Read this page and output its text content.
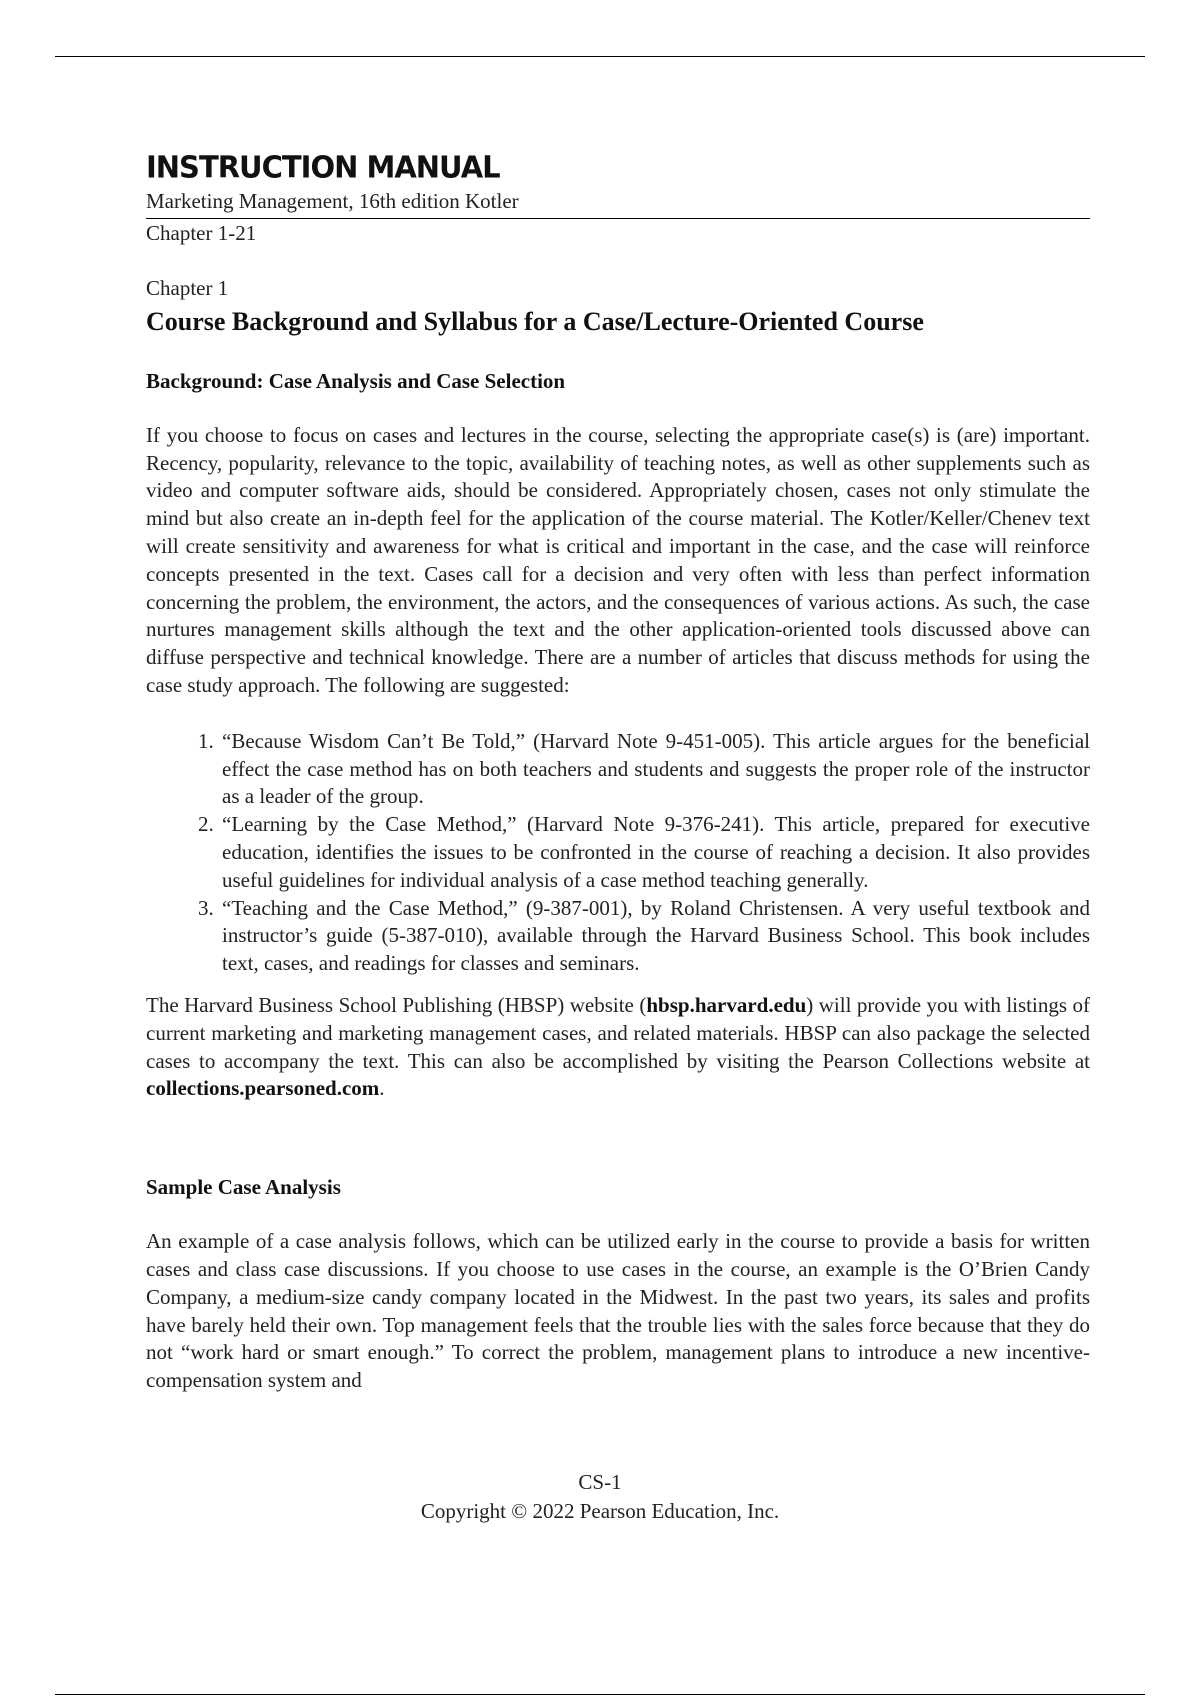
INSTRUCTION MANUAL
Marketing Management, 16th edition Kotler
Chapter 1-21
Chapter 1
Course Background and Syllabus for a Case/Lecture-Oriented Course
Background: Case Analysis and Case Selection

If you choose to focus on cases and lectures in the course, selecting the appropriate case(s) is (are) important. Recency, popularity, relevance to the topic, availability of teaching notes, as well as other supplements such as video and computer software aids, should be considered. Appropriately chosen, cases not only stimulate the mind but also create an in-depth feel for the application of the course material. The Kotler/Keller/Chenev text will create sensitivity and awareness for what is critical and important in the case, and the case will reinforce concepts presented in the text. Cases call for a decision and very often with less than perfect information concerning the problem, the environment, the actors, and the consequences of various actions. As such, the case nurtures management skills although the text and the other application-oriented tools discussed above can diffuse perspective and technical knowledge. There are a number of articles that discuss methods for using the case study approach. The following are suggested:

1. “Because Wisdom Can’t Be Told,” (Harvard Note 9-451-005). This article argues for the beneficial effect the case method has on both teachers and students and suggests the proper role of the instructor as a leader of the group.
2. “Learning by the Case Method,” (Harvard Note 9-376-241). This article, prepared for executive education, identifies the issues to be confronted in the course of reaching a decision. It also provides useful guidelines for individual analysis of a case method teaching generally.
3. “Teaching and the Case Method,” (9-387-001), by Roland Christensen. A very useful textbook and instructor’s guide (5-387-010), available through the Harvard Business School. This book includes text, cases, and readings for classes and seminars.

The Harvard Business School Publishing (HBSP) website (hbsp.harvard.edu) will provide you with listings of current marketing and marketing management cases, and related materials. HBSP can also package the selected cases to accompany the text. This can also be accomplished by visiting the Pearson Collections website at collections.pearsoned.com.

Sample Case Analysis

An example of a case analysis follows, which can be utilized early in the course to provide a basis for written cases and class case discussions. If you choose to use cases in the course, an example is the O’Brien Candy Company, a medium-size candy company located in the Midwest. In the past two years, its sales and profits have barely held their own. Top management feels that the trouble lies with the sales force because that they do not “work hard or smart enough.” To correct the problem, management plans to introduce a new incentive-compensation system and

CS-1
Copyright © 2022 Pearson Education, Inc.
